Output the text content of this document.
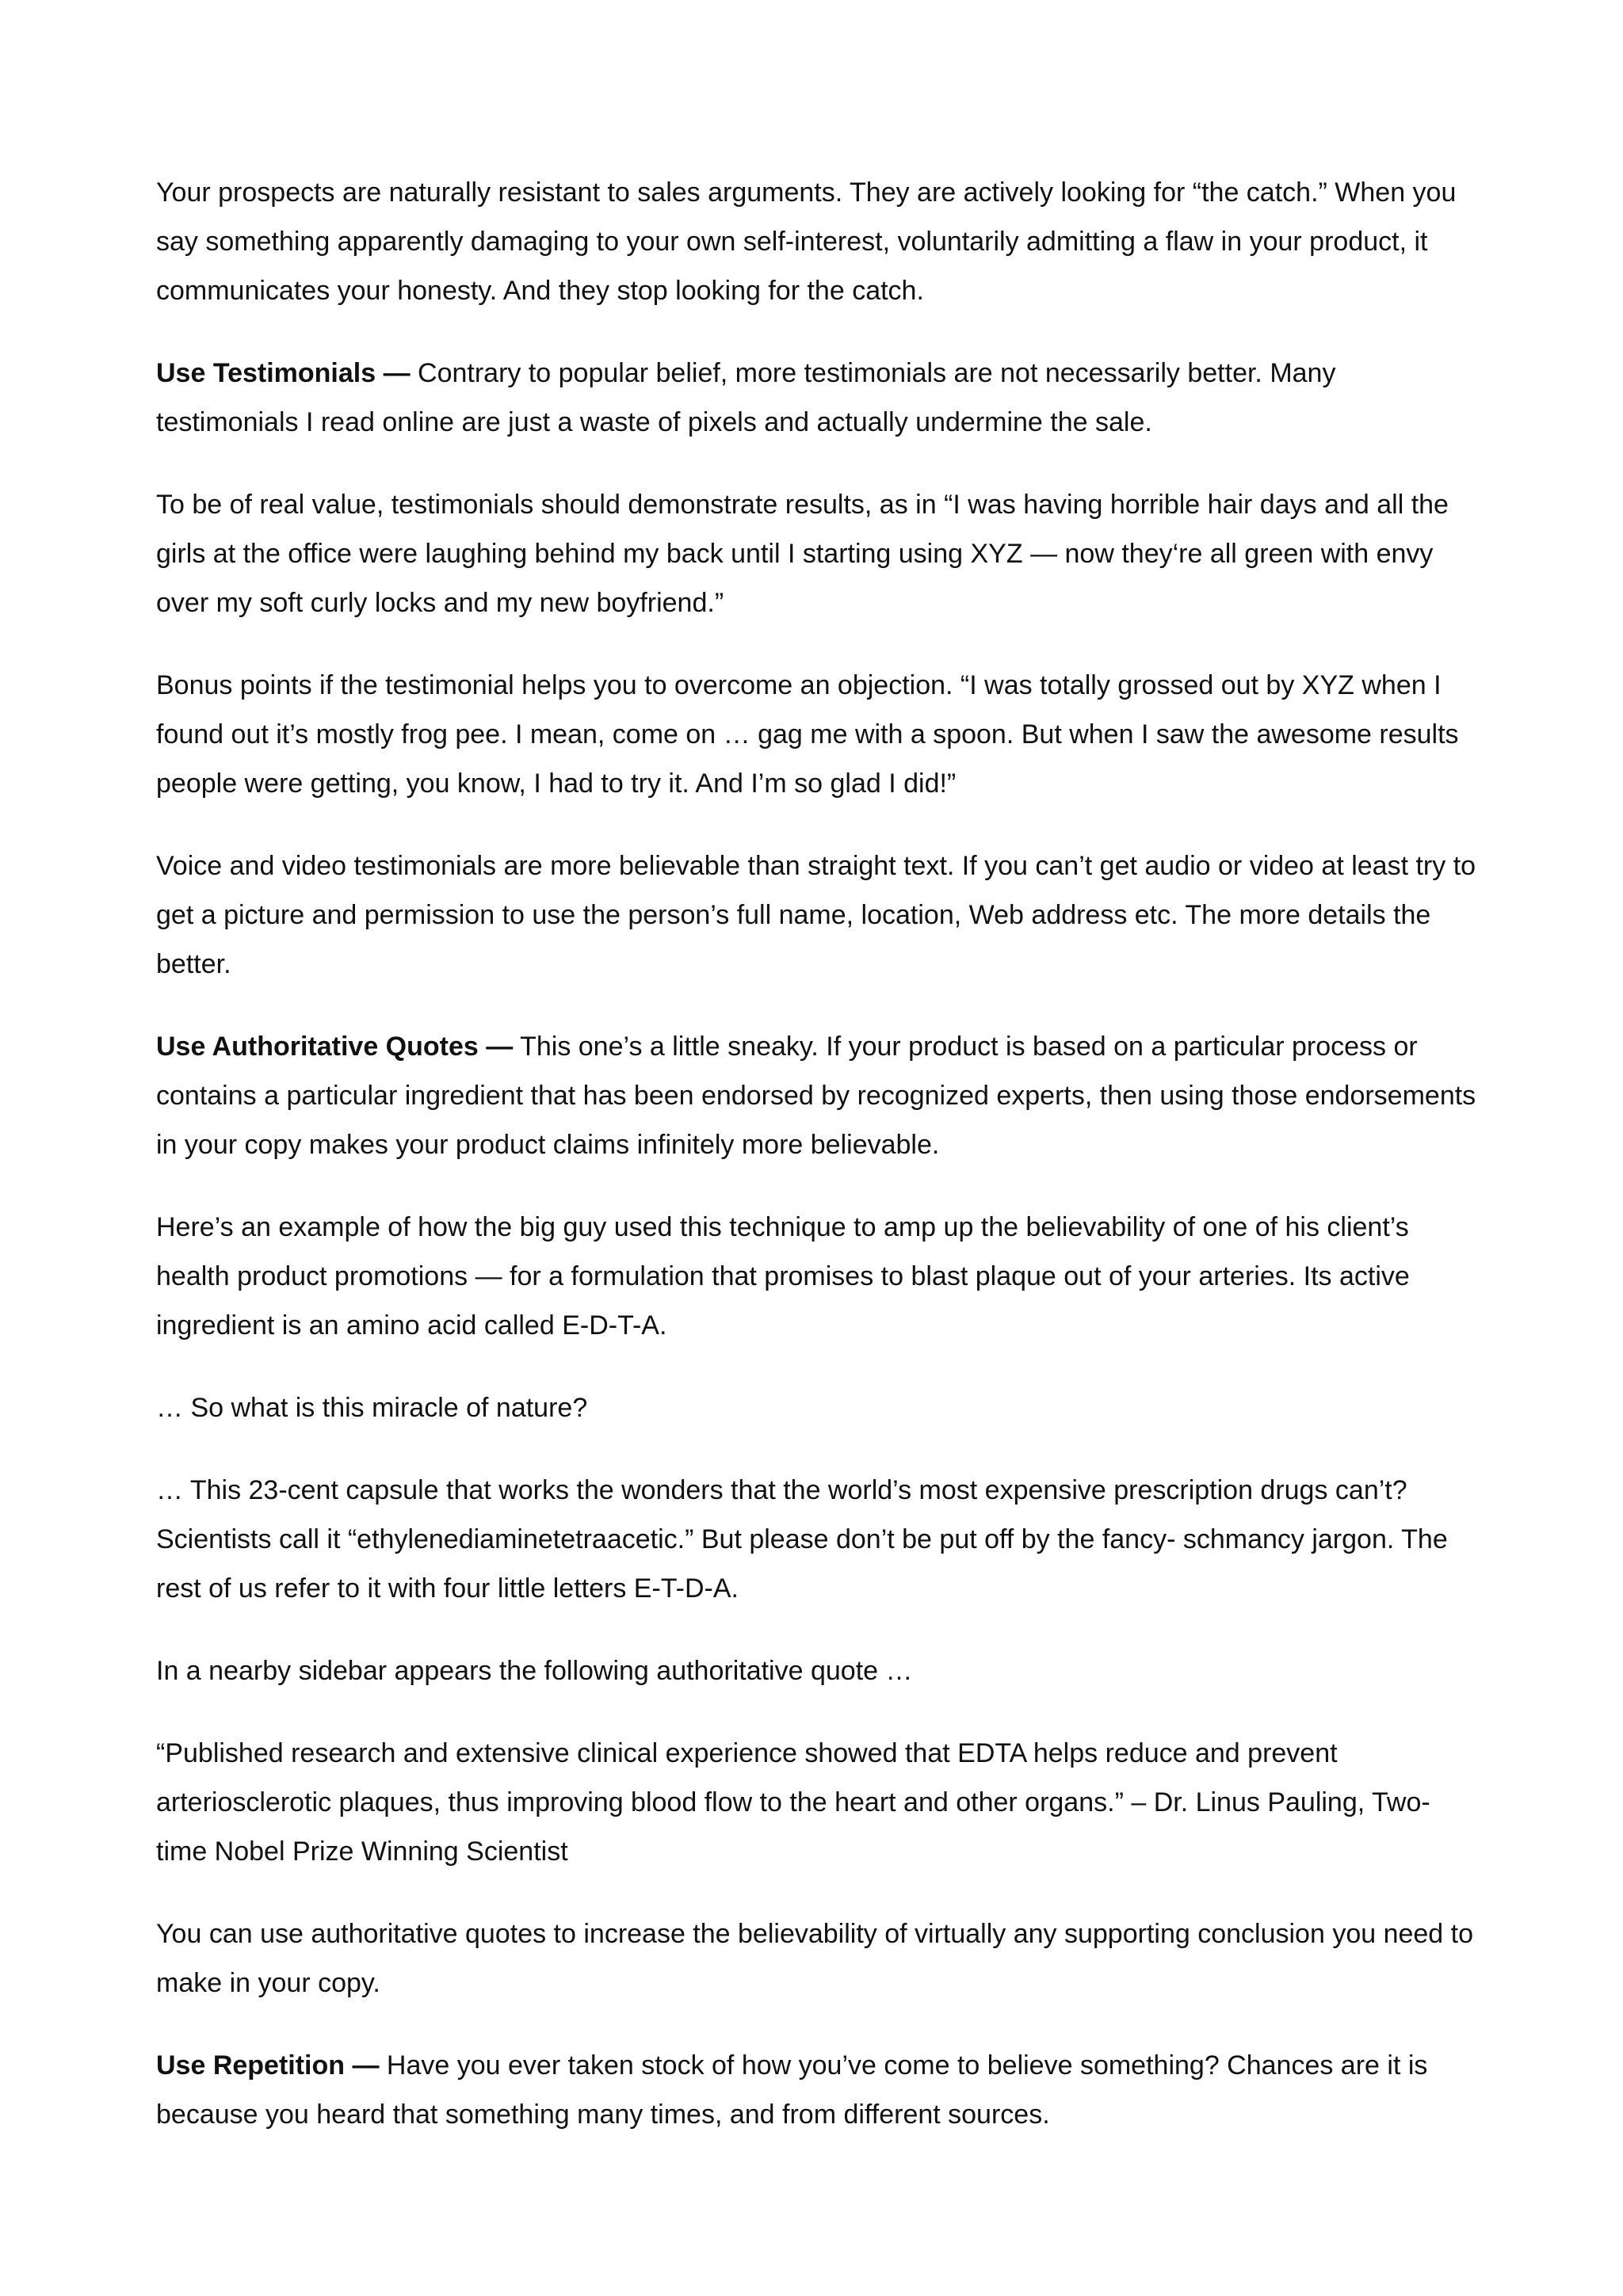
Your prospects are naturally resistant to sales arguments. They are actively looking for “the catch.” When you say something apparently damaging to your own self-interest, voluntarily admitting a flaw in your product, it communicates your honesty. And they stop looking for the catch.

Use Testimonials — Contrary to popular belief, more testimonials are not necessarily better. Many testimonials I read online are just a waste of pixels and actually undermine the sale.

To be of real value, testimonials should demonstrate results, as in “I was having horrible hair days and all the girls at the office were laughing behind my back until I starting using XYZ — now they‘re all green with envy over my soft curly locks and my new boyfriend.”

Bonus points if the testimonial helps you to overcome an objection. “I was totally grossed out by XYZ when I found out it’s mostly frog pee. I mean, come on … gag me with a spoon. But when I saw the awesome results people were getting, you know, I had to try it. And I’m so glad I did!”

Voice and video testimonials are more believable than straight text. If you can’t get audio or video at least try to get a picture and permission to use the person’s full name, location, Web address etc. The more details the better.

Use Authoritative Quotes — This one’s a little sneaky. If your product is based on a particular process or contains a particular ingredient that has been endorsed by recognized experts, then using those endorsements in your copy makes your product claims infinitely more believable.

Here’s an example of how the big guy used this technique to amp up the believability of one of his client’s health product promotions — for a formulation that promises to blast plaque out of your arteries. Its active ingredient is an amino acid called E-D-T-A.

… So what is this miracle of nature?

… This 23-cent capsule that works the wonders that the world’s most expensive prescription drugs can’t? Scientists call it “ethylenediaminetetraacetic.” But please don’t be put off by the fancy- schmancy jargon. The rest of us refer to it with four little letters E-T-D-A.

In a nearby sidebar appears the following authoritative quote …

“Published research and extensive clinical experience showed that EDTA helps reduce and prevent arteriosclerotic plaques, thus improving blood flow to the heart and other organs.” – Dr. Linus Pauling, Two-time Nobel Prize Winning Scientist

You can use authoritative quotes to increase the believability of virtually any supporting conclusion you need to make in your copy.

Use Repetition — Have you ever taken stock of how you’ve come to believe something? Chances are it is because you heard that something many times, and from different sources.
